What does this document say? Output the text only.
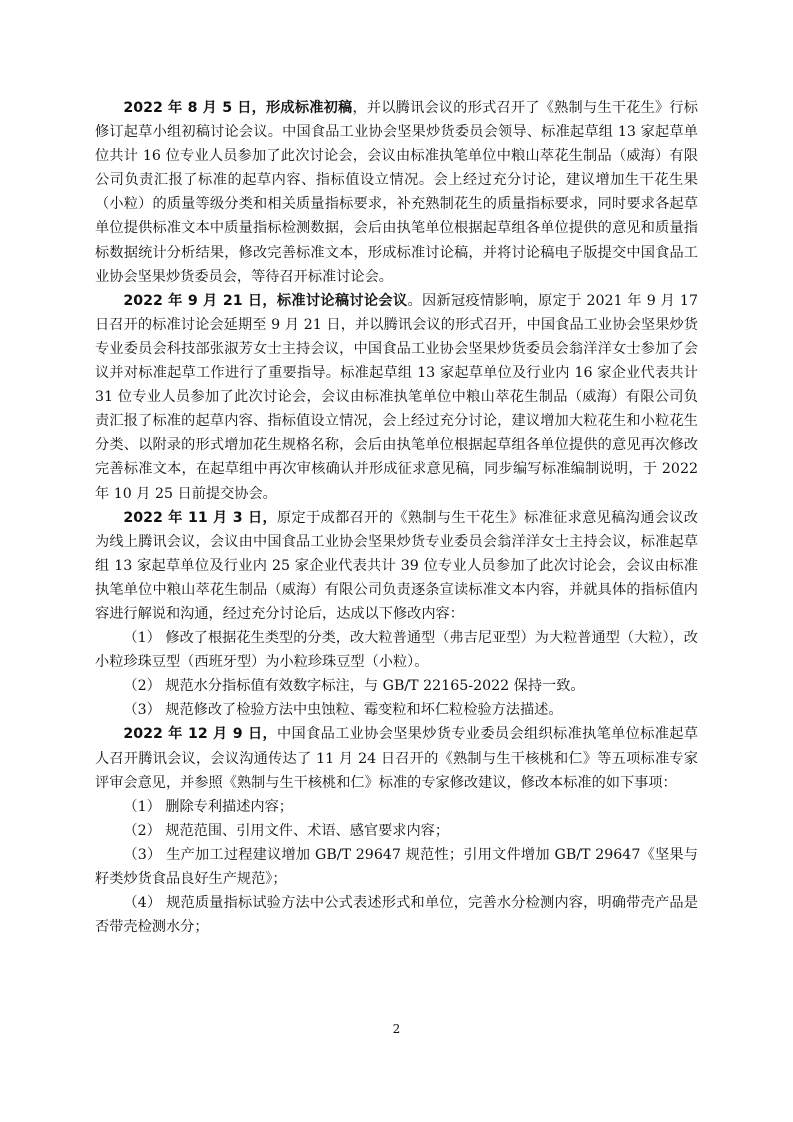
2022 年 8 月 5 日，形成标准初稿，并以腾讯会议的形式召开了《熟制与生干花生》行标修订起草小组初稿讨论会议。中国食品工业协会坚果炒货委员会领导、标准起草组 13 家起草单位共计 16 位专业人员参加了此次讨论会，会议由标准执笔单位中粮山萃花生制品（威海）有限公司负责汇报了标准的起草内容、指标值设立情况。会上经过充分讨论，建议增加生干花生果（小粒）的质量等级分类和相关质量指标要求，补充熟制花生的质量指标要求，同时要求各起草单位提供标准文本中质量指标检测数据，会后由执笔单位根据起草组各单位提供的意见和质量指标数据统计分析结果，修改完善标准文本，形成标准讨论稿，并将讨论稿电子版提交中国食品工业协会坚果炒货委员会，等待召开标准讨论会。

2022 年 9 月 21 日，标准讨论稿讨论会议。因新冠疫情影响，原定于 2021 年 9 月 17 日召开的标准讨论会延期至 9 月 21 日，并以腾讯会议的形式召开，中国食品工业协会坚果炒货专业委员会科技部张淑芳女士主持会议，中国食品工业协会坚果炒货委员会翁洋洋女士参加了会议并对标准起草工作进行了重要指导。标准起草组 13 家起草单位及行业内 16 家企业代表共计 31 位专业人员参加了此次讨论会，会议由标准执笔单位中粮山萃花生制品（威海）有限公司负责汇报了标准的起草内容、指标值设立情况，会上经过充分讨论，建议增加大粒花生和小粒花生分类、以附录的形式增加花生规格名称，会后由执笔单位根据起草组各单位提供的意见再次修改完善标准文本，在起草组中再次审核确认并形成征求意见稿，同步编写标准编制说明，于 2022 年 10 月 25 日前提交协会。

2022 年 11 月 3 日，原定于成都召开的《熟制与生干花生》标准征求意见稿沟通会议改为线上腾讯会议，会议由中国食品工业协会坚果炒货专业委员会翁洋洋女士主持会议，标准起草组 13 家起草单位及行业内 25 家企业代表共计 39 位专业人员参加了此次讨论会，会议由标准执笔单位中粮山萃花生制品（威海）有限公司负责逐条宣读标准文本内容，并就具体的指标值内容进行解说和沟通，经过充分讨论后，达成以下修改内容：

（1） 修改了根据花生类型的分类，改大粒普通型（弗吉尼亚型）为大粒普通型（大粒），改小粒珍珠豆型（西班牙型）为小粒珍珠豆型（小粒）。

（2） 规范水分指标值有效数字标注，与 GB/T 22165-2022 保持一致。

（3） 规范修改了检验方法中虫蚀粒、霉变粒和坏仁粒检验方法描述。

2022 年 12 月 9 日，中国食品工业协会坚果炒货专业委员会组织标准执笔单位标准起草人召开腾讯会议，会议沟通传达了 11 月 24 日召开的《熟制与生干核桃和仁》等五项标准专家评审会意见，并参照《熟制与生干核桃和仁》标准的专家修改建议，修改本标准的如下事项：

（1） 删除专利描述内容；

（2） 规范范围、引用文件、术语、感官要求内容；

（3） 生产加工过程建议增加 GB/T 29647 规范性；引用文件增加 GB/T 29647《坚果与籽类炒货食品良好生产规范》；

（4） 规范质量指标试验方法中公式表述形式和单位，完善水分检测内容，明确带壳产品是否带壳检测水分；

2
